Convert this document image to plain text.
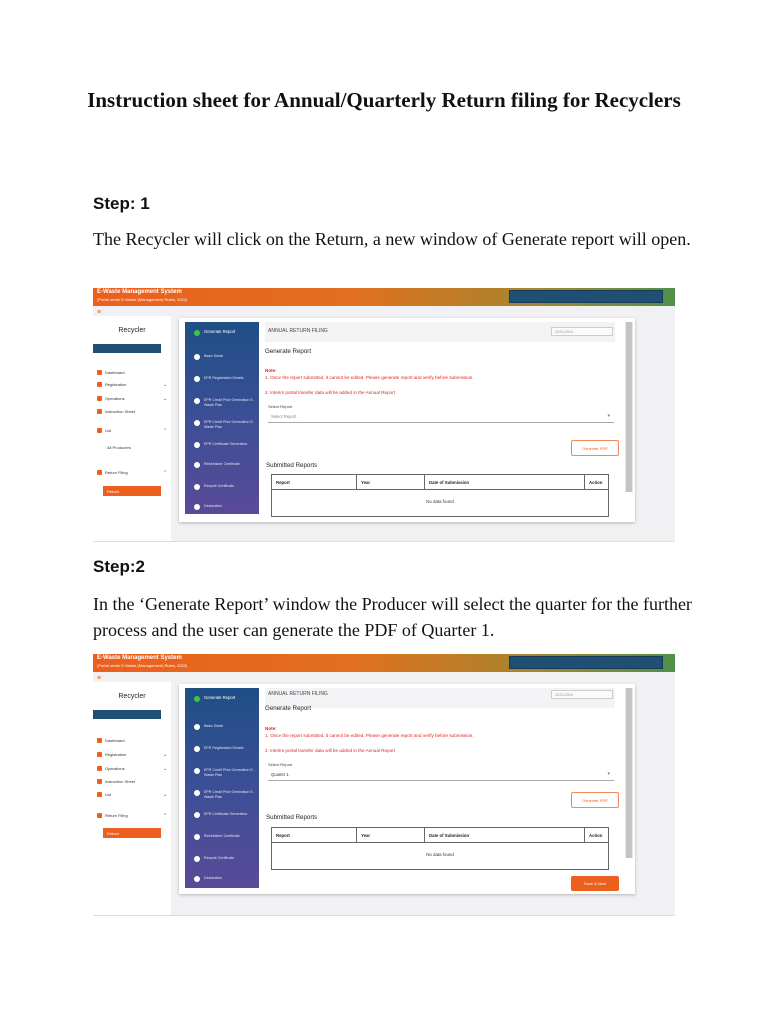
Instruction sheet for Annual/Quarterly Return filing for Recyclers
Step: 1
The Recycler will click on the Return, a new window of Generate report will open.
E-Waste Management System
(Portal under E-Waste (Management) Rules, 2022)
≡
Recycler
Dashboard
Registration	⌄
Operations	⌄
Instruction Sheet
List	⌃
All Producers
Return Filing	⌃
Return
Generate Report
Basic Detail
EPR Registration Details
EPR Credit Prior Generation E-Waste Plan
EPR Credit Prior Generation E-Waste Plan
EPR Certificate Generation
Refurbisher Certificate
Recycle Certificate
Declaration
ANNUAL RETURN FILING	2023-2024
Generate Report
Note:
1. Once the report submitted, it cannot be edited. Please generate report and verify before submission.
2. Interim portal transfer data will be added in the Annual Report
Select Report
Select Report	▾
Generate PDF
Submitted Reports
Report	Year	Date of Submission	Action
No data found
Step:2
In the ‘Generate Report’ window the Producer will select the quarter for the further process and the user can generate the PDF of Quarter 1.
E-Waste Management System
(Portal under E-Waste (Management) Rules, 2022)
≡
Recycler
Dashboard
Registration	⌄
Operations	⌄
Instruction Sheet
List	⌄
Return Filing	⌃
Return
Generate Report
Basic Detail
EPR Registration Details
EPR Credit Prior Generation E-Waste Plan
EPR Credit Prior Generation E-Waste Plan
EPR Certificate Generation
Refurbisher Certificate
Recycle Certificate
Declaration
ANNUAL RETURN FILING	2023-2024
Generate Report
Note:
1. Once the report submitted, it cannot be edited. Please generate report and verify before submission.
2. Interim portal transfer data will be added in the Annual Report
Select Report
Quarter 1	▾
Generate PDF
Submitted Reports
Report	Year	Date of Submission	Action
No data found
Save & Next
